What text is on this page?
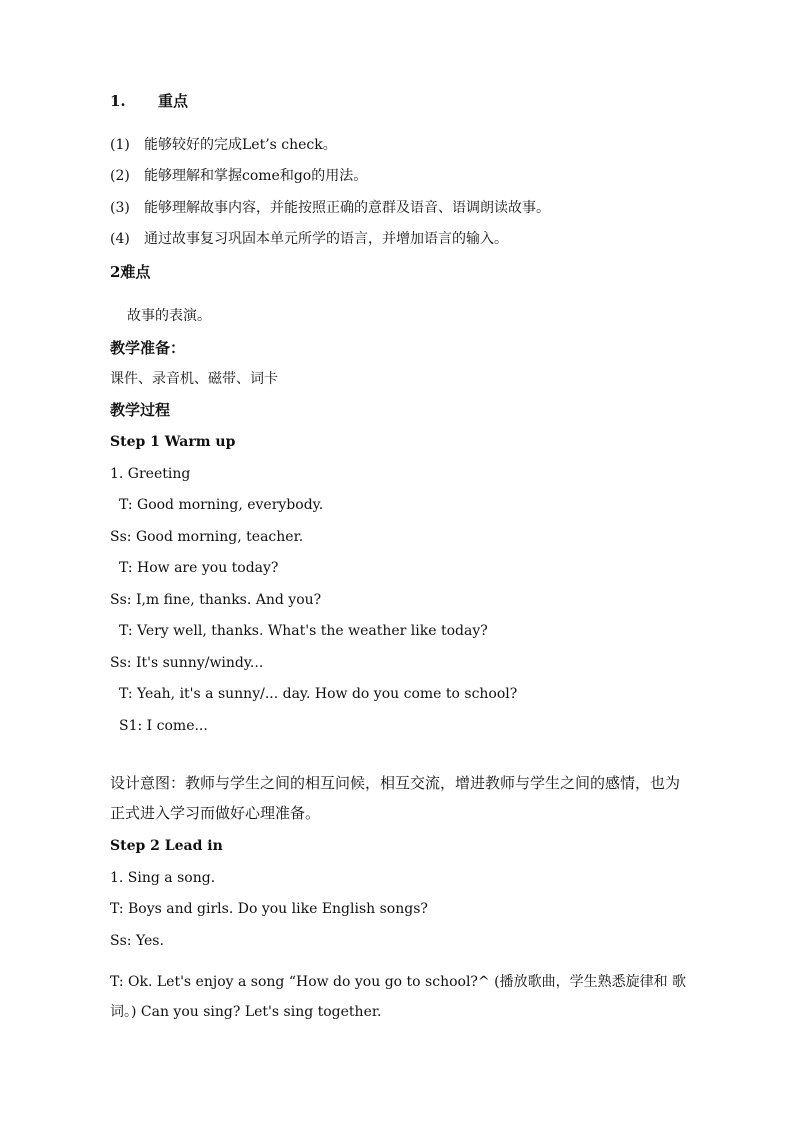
1. 重点
(1) 能够较好的完成Let’s check。
(2) 能够理解和掌握come和go的用法。
(3) 能够理解故事内容，并能按照正确的意群及语音、语调朗读故事。
(4) 通过故事复习巩固本单元所学的语言，并增加语言的输入。
2难点
故事的表演。
教学准备：
课件、录音机、磁带、词卡
教学过程
Step 1 Warm up
1. Greeting
T: Good morning, everybody.
Ss: Good morning, teacher.
T: How are you today?
Ss: I,m fine, thanks. And you?
T: Very well, thanks. What's the weather like today?
Ss: It's sunny/windy...
T: Yeah, it's a sunny/... day. How do you come to school?
S1: I come...
设计意图：教师与学生之间的相互问候，相互交流，增进教师与学生之间的感情，也为正式进入学习而做好心理准备。
Step 2 Lead in
1. Sing a song.
T: Boys and girls. Do you like English songs?
Ss: Yes.
T: Ok. Let's enjoy a song “How do you go to school?^ (播放歌曲，学生熟悉旋律和 歌词。) Can you sing? Let's sing together.
